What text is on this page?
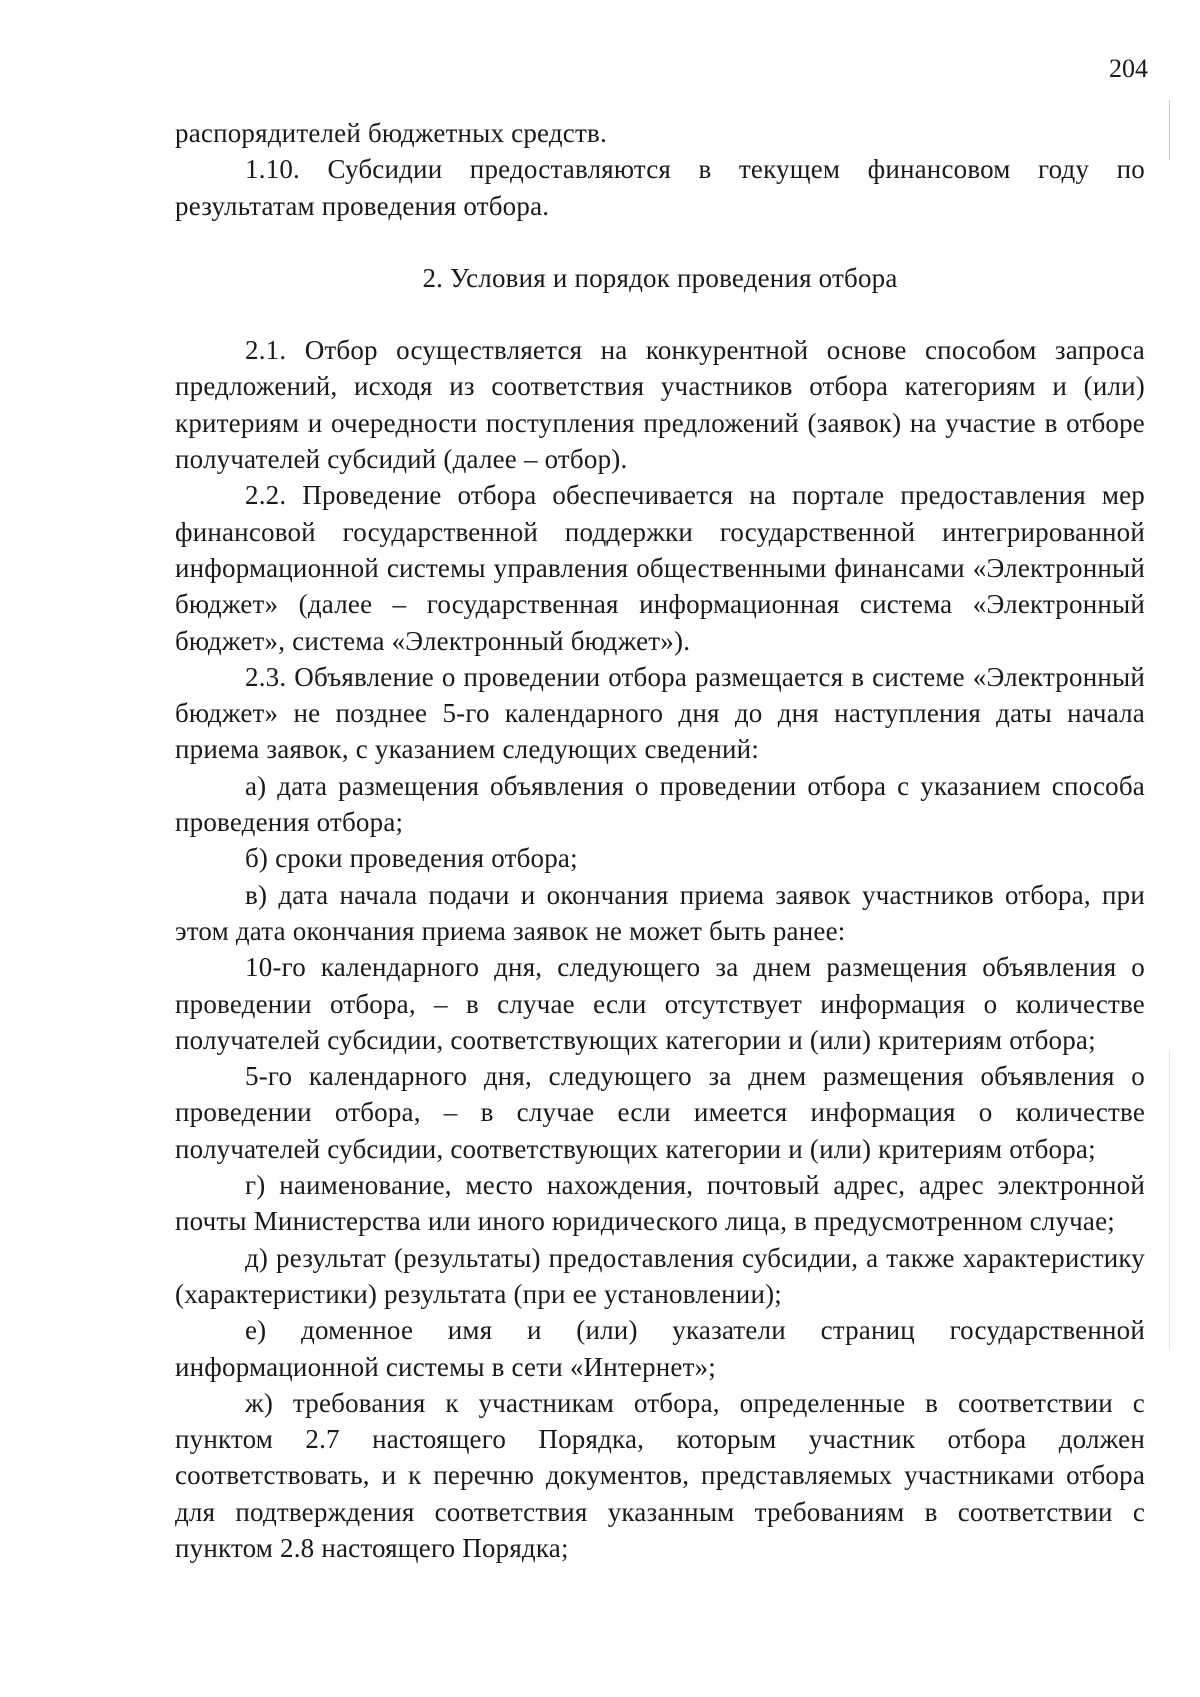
204

распорядителей бюджетных средств.

1.10. Субсидии предоставляются в текущем финансовом году по результатам проведения отбора.

2. Условия и порядок проведения отбора

2.1. Отбор осуществляется на конкурентной основе способом запроса предложений, исходя из соответствия участников отбора категориям и (или) критериям и очередности поступления предложений (заявок) на участие в отборе получателей субсидий (далее – отбор).

2.2. Проведение отбора обеспечивается на портале предоставления мер финансовой государственной поддержки государственной интегрированной информационной системы управления общественными финансами «Электронный бюджет» (далее – государственная информационная система «Электронный бюджет», система «Электронный бюджет»).

2.3. Объявление о проведении отбора размещается в системе «Электронный бюджет» не позднее 5-го календарного дня до дня наступления даты начала приема заявок, с указанием следующих сведений:

а) дата размещения объявления о проведении отбора с указанием способа проведения отбора;

б) сроки проведения отбора;

в) дата начала подачи и окончания приема заявок участников отбора, при этом дата окончания приема заявок не может быть ранее:

10-го календарного дня, следующего за днем размещения объявления о проведении отбора, – в случае если отсутствует информация о количестве получателей субсидии, соответствующих категории и (или) критериям отбора;

5-го календарного дня, следующего за днем размещения объявления о проведении отбора, – в случае если имеется информация о количестве получателей субсидии, соответствующих категории и (или) критериям отбора;

г) наименование, место нахождения, почтовый адрес, адрес электронной почты Министерства или иного юридического лица, в предусмотренном случае;

д) результат (результаты) предоставления субсидии, а также характеристику (характеристики) результата (при ее установлении);

е) доменное имя и (или) указатели страниц государственной информационной системы в сети «Интернет»;

ж) требования к участникам отбора, определенные в соответствии с пунктом 2.7 настоящего Порядка, которым участник отбора должен соответствовать, и к перечню документов, представляемых участниками отбора для подтверждения соответствия указанным требованиям в соответствии с пунктом 2.8 настоящего Порядка;
